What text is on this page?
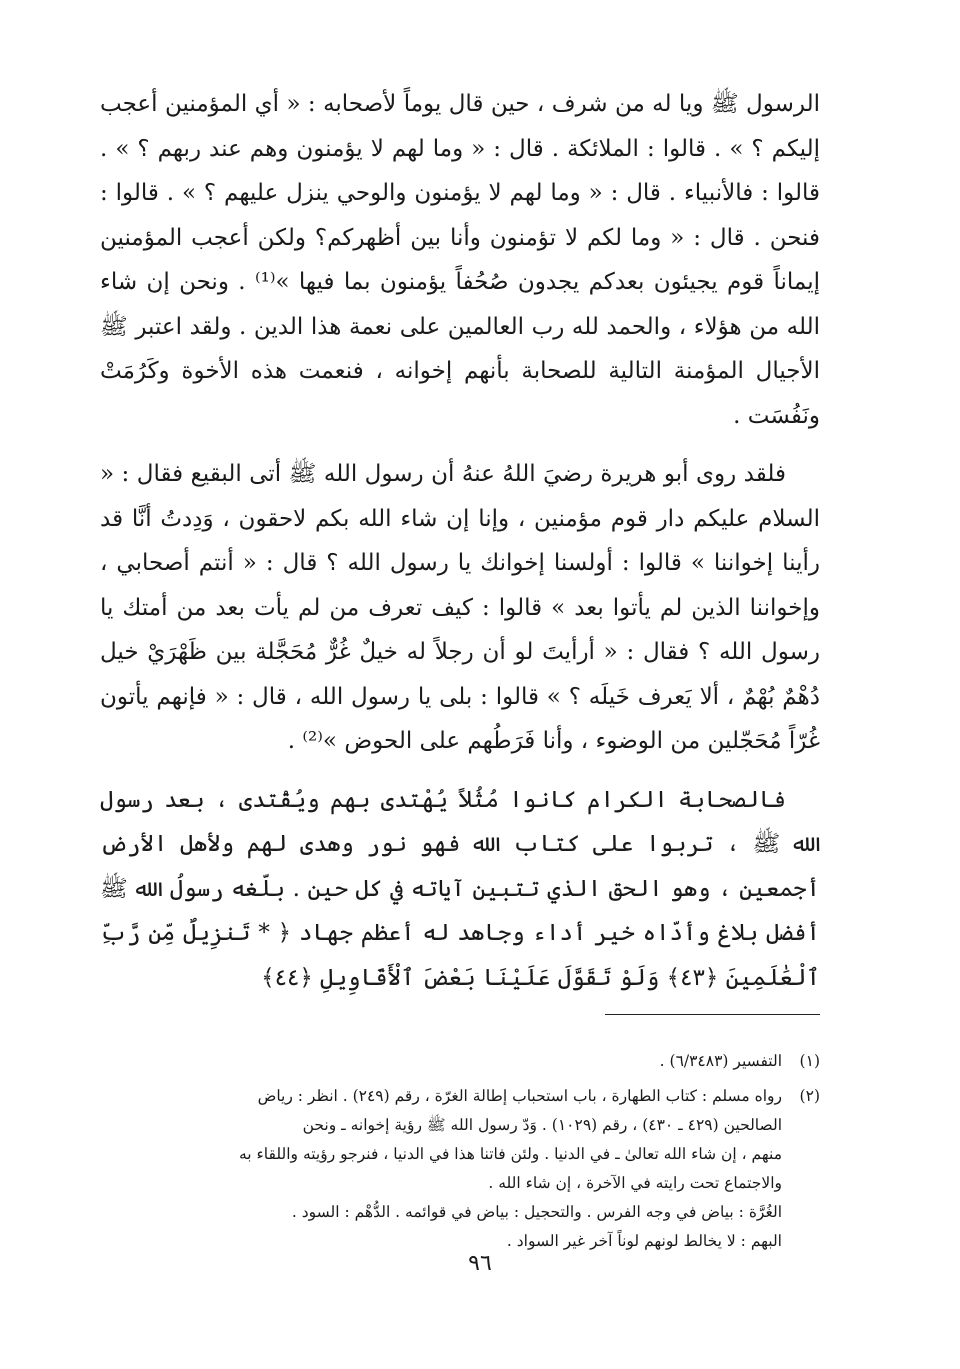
الرسول ﷺ ويا له من شرف ، حين قال يوماً لأصحابه : « أي المؤمنين أعجب إليكم ؟ » . قالوا : الملائكة . قال : « وما لهم لا يؤمنون وهم عند ربهم ؟ » . قالوا : فالأنبياء . قال : « وما لهم لا يؤمنون والوحي ينزل عليهم ؟ » . قالوا : فنحن . قال : « وما لكم لا تؤمنون وأنا بين أظهركم؟ ولكن أعجب المؤمنين إيماناً قوم يجيئون بعدكم يجدون صُحُفاً يؤمنون بما فيها »⁽¹⁾ . ونحن إن شاء الله من هؤلاء ، والحمد لله رب العالمين على نعمة هذا الدين . ولقد اعتبر ﷺ الأجيال المؤمنة التالية للصحابة بأنهم إخوانه ، فنعمت هذه الأخوة وكَرُمَتْ ونَفُسَت .

فلقد روى أبو هريرة رضيَ اللهُ عنهُ أن رسول الله ﷺ أتى البقيع فقال : « السلام عليكم دار قوم مؤمنين ، وإنا إن شاء الله بكم لاحقون ، وَدِدتُ أنَّا قد رأينا إخواننا » قالوا : أولسنا إخوانك يا رسول الله ؟ قال : « أنتم أصحابي ، وإخواننا الذين لم يأتوا بعد » قالوا : كيف تعرف من لم يأت بعد من أمتك يا رسول الله ؟ فقال : « أرأيتَ لو أن رجلاً له خيلٌ غُرٌّ مُحَجَّلة بين ظَهْرَيْ خيل دُهْمٌ بُهْمٌ ، ألا يَعرف خَيلَه ؟ » قالوا : بلى يا رسول الله ، قال : « فإنهم يأتون غُرّاً مُحَجّلين من الوضوء ، وأنا فَرَطُهم على الحوض »⁽²⁾ .

فالصحابة الكرام كانوا مُثُلاً يُهْتدى بهم ويُقْتدى ، بعد رسول الله ﷺ ، تربوا على كتاب الله فهو نور وهدى لهم ولأهل الأرض أجمعين ، وهو الحق الذي تتبين آياته في كل حين . بلّغه رسولُ الله ﷺ أفضل بلاغ وأدّاه خير أداء وجاهد له أعظم جهاد ﴿ * تَنزِيلٌ مِّن رَّبِّ ٱلْعَٰلَمِينَ ﴿٤٣﴾ وَلَوْ تَقَوَّلَ عَلَيْنَا بَعْضَ ٱلْأَقَاوِيلِ ﴿٤٤﴾

(١)
التفسير (٦/٣٤٨٣) .
(٢)
رواه مسلم : كتاب الطهارة ، باب استحباب إطالة الغرّة ، رقم (٢٤٩) . انظر : رياض
الصالحين (٤٢٩ ـ ٤٣٠) ، رقم (١٠٢٩) . وَدّ رسول الله ﷺ رؤية إخوانه ـ ونحن
منهم ، إن شاء الله تعالىٰ ـ في الدنيا . ولئن فاتنا هذا في الدنيا ، فنرجو رؤيته واللقاء به
والاجتماع تحت رايته في الآخرة ، إن شاء الله .
الغُرَّة : بياض في وجه الفرس . والتحجيل : بياض في قوائمه . الدُّهْم : السود .
البهم : لا يخالط لونهم لوناً آخر غير السواد .
٩٦
